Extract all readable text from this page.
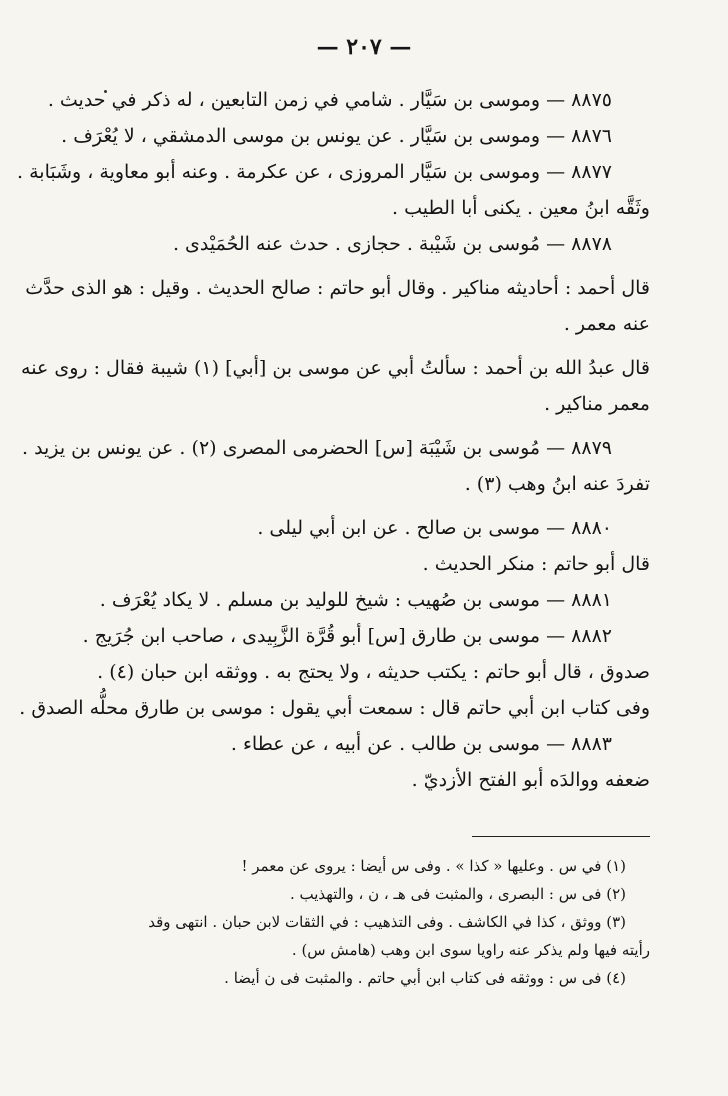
— ٢٠٧ —
٨٨٧٥ — وموسى بن سَيَّار . شامي في زمن التابعين ، له ذكر في حديث .
٨٨٧٦ — وموسى بن سَيَّار . عن يونس بن موسى الدمشقي ، لا يُعْرَف .
٨٨٧٧ — وموسى بن سَيَّار المروزى ، عن عكرمة . وعنه أبو معاوية ، وشَبَابة .
وثَقَّه ابنُ معين . يكنى أبا الطيب .
٨٨٧٨ — مُوسى بن شَيْبة . حجازى . حدث عنه الحُمَيْدى .
قال أحمد : أحاديثه مناكير . وقال أبو حاتم : صالح الحديث . وقيل : هو الذى حدَّث
عنه معمر .
قال عبدُ الله بن أحمد : سألتُ أبي عن موسى بن [أبي] (١) شيبة فقال : روى عنه
معمر مناكير .
٨٨٧٩ — مُوسى بن شَيْبَة [س] الحضرمى المصرى (٢) . عن يونس بن يزيد .
تفردَ عنه ابنُ وهب (٣) .
٨٨٨٠ — موسى بن صالح . عن ابن أبي ليلى .
قال أبو حاتم : منكر الحديث .
٨٨٨١ — موسى بن صُهيب : شيخ للوليد بن مسلم . لا يكاد يُعْرَف .
٨٨٨٢ — موسى بن طارق [س] أبو قُرَّة الزَّبِيدى ، صاحب ابن جُرَيج .
صدوق ، قال أبو حاتم : يكتب حديثه ، ولا يحتج به . ووثقه ابن حبان (٤) .
وفى كتاب ابن أبي حاتم قال : سمعت أبي يقول : موسى بن طارق محلُّه الصدق .
٨٨٨٣ — موسى بن طالب . عن أبيه ، عن عطاء .
ضعفه ووالدَه أبو الفتح الأزديّ .
(١) في س . وعليها « كذا » . وفى س أيضا : يروى عن معمر !
(٢) فى س : البصرى ، والمثبت فى هـ ، ن ، والتهذيب .
(٣) ووثق ، كذا في الكاشف . وفى التذهيب : في الثقات لابن حبان . انتهى وقد
رأيته فيها ولم يذكر عنه راويا سوى ابن وهب (هامش س) .
(٤) فى س : ووثقه فى كتاب ابن أبي حاتم . والمثبت فى ن أيضا .
